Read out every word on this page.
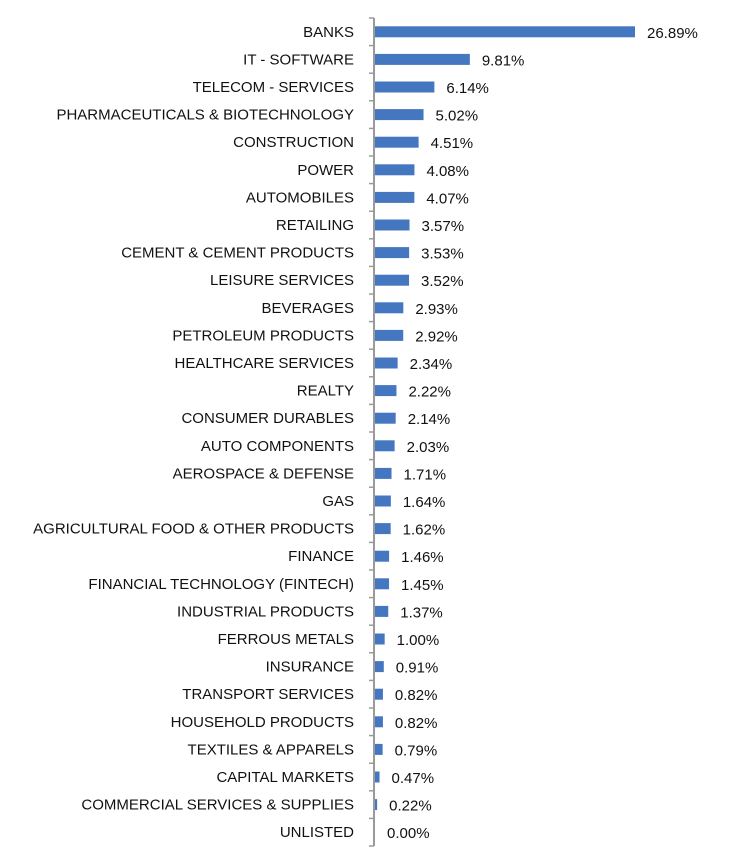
BANKS	26.89%
IT - SOFTWARE	9.81%
TELECOM - SERVICES	6.14%
PHARMACEUTICALS & BIOTECHNOLOGY	5.02%
CONSTRUCTION	4.51%
POWER	4.08%
AUTOMOBILES	4.07%
RETAILING	3.57%
CEMENT & CEMENT PRODUCTS	3.53%
LEISURE SERVICES	3.52%
BEVERAGES	2.93%
PETROLEUM PRODUCTS	2.92%
HEALTHCARE SERVICES	2.34%
REALTY	2.22%
CONSUMER DURABLES	2.14%
AUTO COMPONENTS	2.03%
AEROSPACE & DEFENSE	1.71%
GAS	1.64%
AGRICULTURAL FOOD & OTHER PRODUCTS	1.62%
FINANCE	1.46%
FINANCIAL TECHNOLOGY (FINTECH)	1.45%
INDUSTRIAL PRODUCTS	1.37%
FERROUS METALS	1.00%
INSURANCE	0.91%
TRANSPORT SERVICES	0.82%
HOUSEHOLD PRODUCTS	0.82%
TEXTILES & APPARELS	0.79%
CAPITAL MARKETS	0.47%
COMMERCIAL SERVICES & SUPPLIES 0.22%
UNLISTED 0.00%
